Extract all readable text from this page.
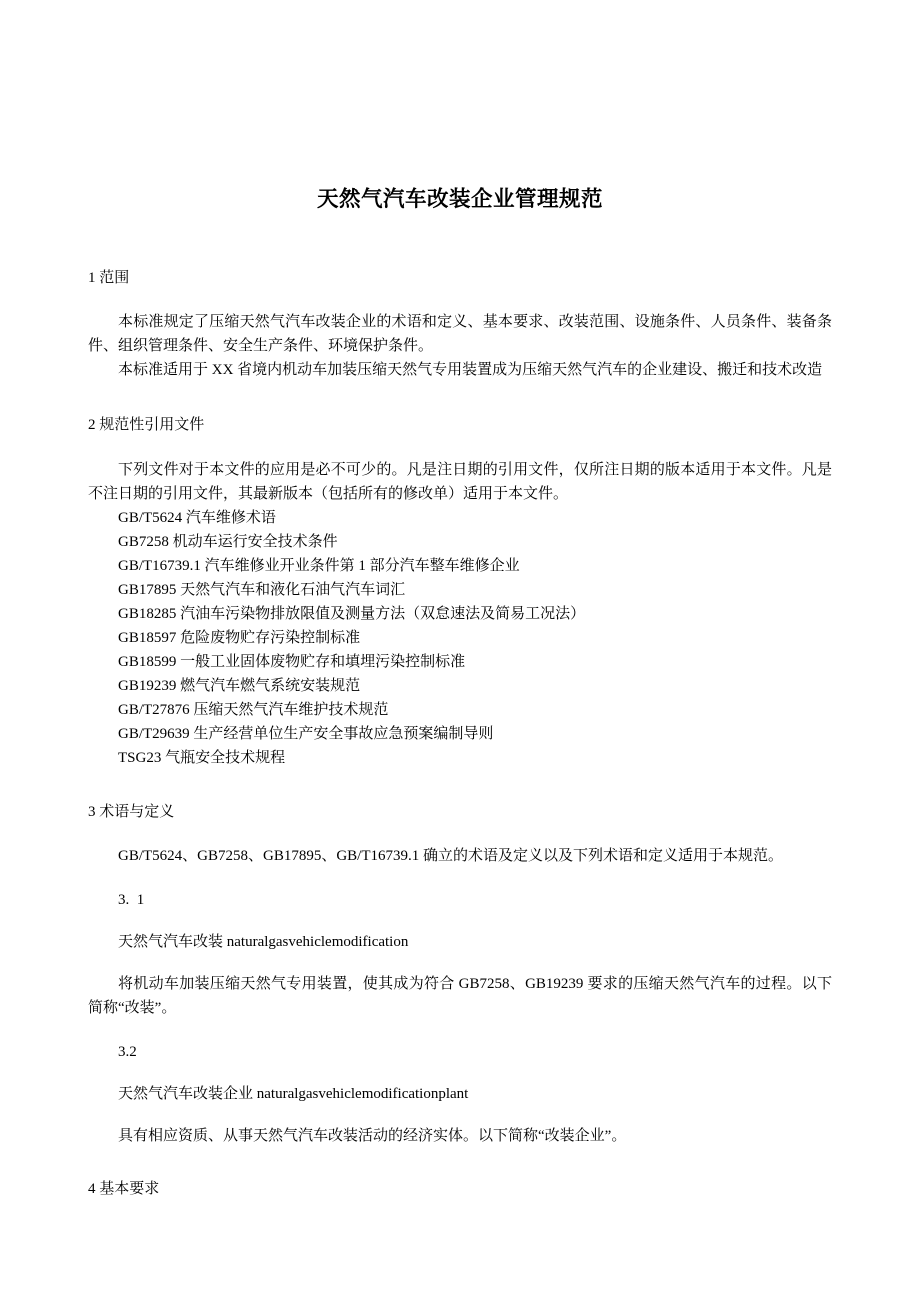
天然气汽车改装企业管理规范
1 范围

本标准规定了压缩天然气汽车改装企业的术语和定义、基本要求、改装范围、设施条件、人员条件、装备条件、组织管理条件、安全生产条件、环境保护条件。

本标准适用于 XX 省境内机动车加装压缩天然气专用装置成为压缩天然气汽车的企业建设、搬迁和技术改造

2 规范性引用文件

下列文件对于本文件的应用是必不可少的。凡是注日期的引用文件，仅所注日期的版本适用于本文件。凡是不注日期的引用文件，其最新版本（包括所有的修改单）适用于本文件。

GB/T5624 汽车维修术语
GB7258 机动车运行安全技术条件
GB/T16739.1 汽车维修业开业条件第 1 部分汽车整车维修企业
GB17895 天然气汽车和液化石油气汽车词汇
GB18285 汽油车污染物排放限值及测量方法（双怠速法及简易工况法）
GB18597 危险废物贮存污染控制标准
GB18599 一般工业固体废物贮存和填埋污染控制标准
GB19239 燃气汽车燃气系统安装规范
GB/T27876 压缩天然气汽车维护技术规范
GB/T29639 生产经营单位生产安全事故应急预案编制导则
TSG23 气瓶安全技术规程
3 术语与定义

GB/T5624、GB7258、GB17895、GB/T16739.1 确立的术语及定义以及下列术语和定义适用于本规范。

3.  1
天然气汽车改装 naturalgasvehiclemodification

将机动车加装压缩天然气专用装置，使其成为符合 GB7258、GB19239 要求的压缩天然气汽车的过程。以下简称“改装”。

3.2
天然气汽车改装企业 naturalgasvehiclemodificationplant

具有相应资质、从事天然气汽车改装活动的经济实体。以下简称“改装企业”。

4 基本要求
